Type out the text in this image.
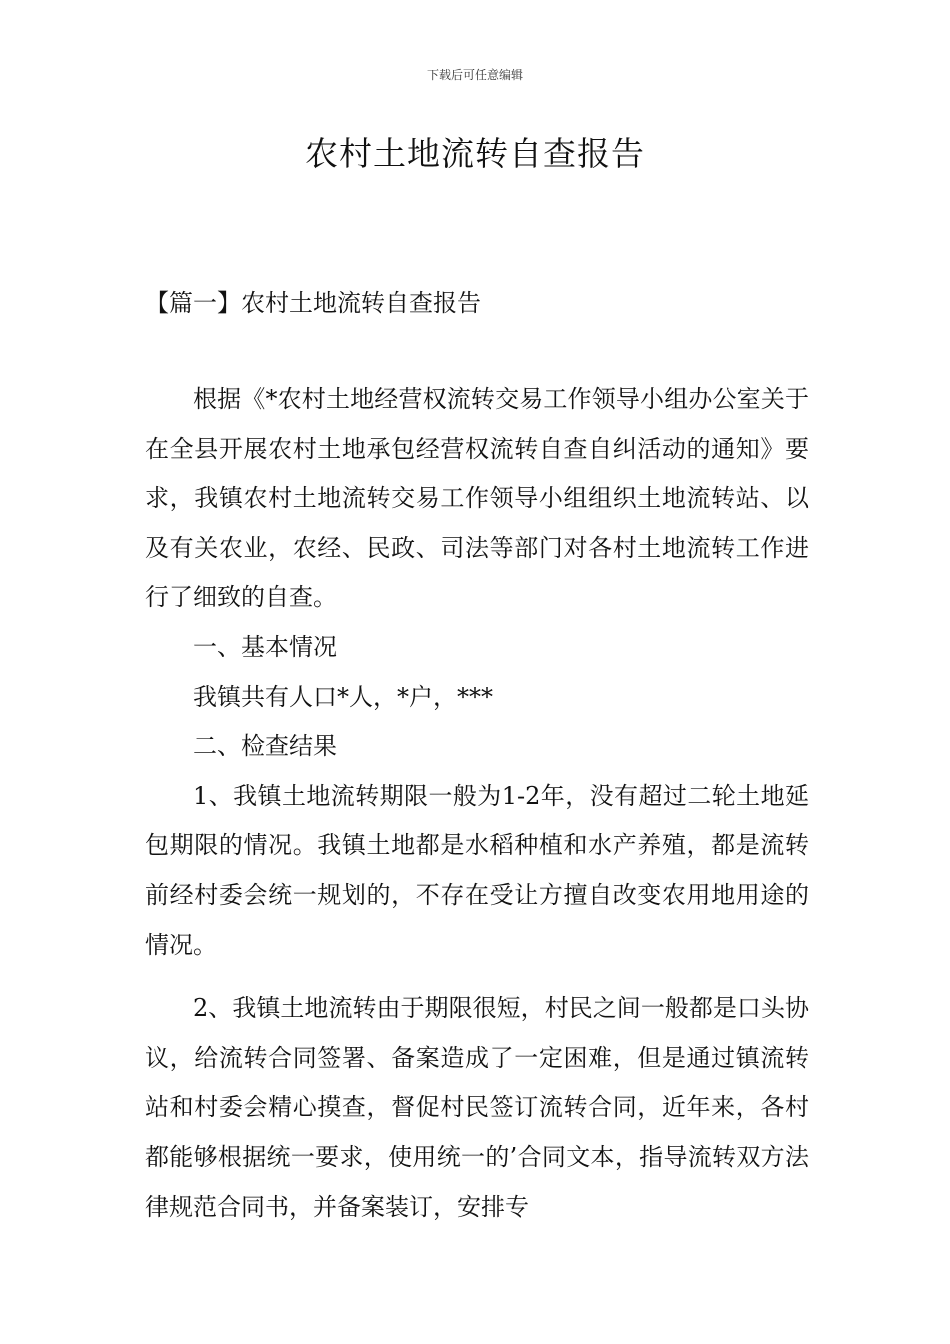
下载后可任意编辑
农村土地流转自查报告
【篇一】农村土地流转自查报告

根据《*农村土地经营权流转交易工作领导小组办公室关于在全县开展农村土地承包经营权流转自查自纠活动的通知》要求，我镇农村土地流转交易工作领导小组组织土地流转站、以及有关农业，农经、民政、司法等部门对各村土地流转工作进行了细致的自查。

一、基本情况

我镇共有人口*人，*户，***

二、检查结果

1、我镇土地流转期限一般为1-2年，没有超过二轮土地延包期限的情况。我镇土地都是水稻种植和水产养殖，都是流转前经村委会统一规划的，不存在受让方擅自改变农用地用途的情况。

2、我镇土地流转由于期限很短，村民之间一般都是口头协议，给流转合同签署、备案造成了一定困难，但是通过镇流转站和村委会精心摸查，督促村民签订流转合同，近年来，各村都能够根据统一要求，使用统一的’合同文本，指导流转双方法律规范合同书，并备案装订，安排专
